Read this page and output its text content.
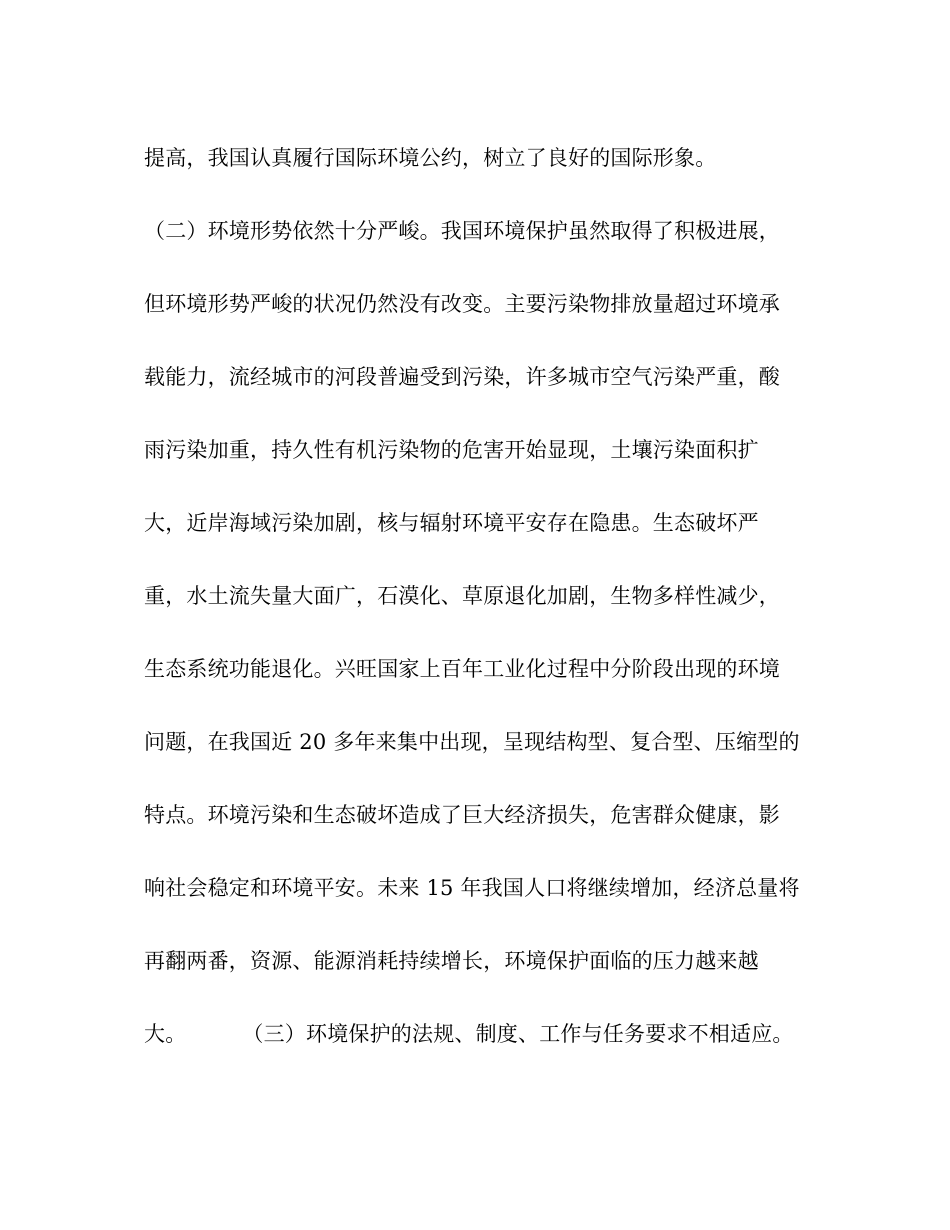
提高，我国认真履行国际环境公约，树立了良好的国际形象。
（二）环境形势依然十分严峻。我国环境保护虽然取得了积极进展，
但环境形势严峻的状况仍然没有改变。主要污染物排放量超过环境承
载能力，流经城市的河段普遍受到污染，许多城市空气污染严重，酸
雨污染加重，持久性有机污染物的危害开始显现，土壤污染面积扩
大，近岸海域污染加剧，核与辐射环境平安存在隐患。生态破坏严
重，水土流失量大面广，石漠化、草原退化加剧，生物多样性减少，
生态系统功能退化。兴旺国家上百年工业化过程中分阶段出现的环境
问题，在我国近 20 多年来集中出现，呈现结构型、复合型、压缩型的
特点。环境污染和生态破坏造成了巨大经济损失，危害群众健康，影
响社会稳定和环境平安。未来 15 年我国人口将继续增加，经济总量将
再翻两番，资源、能源消耗持续增长，环境保护面临的压力越来越
大。	（三）环境保护的法规、制度、工作与任务要求不相适应。
